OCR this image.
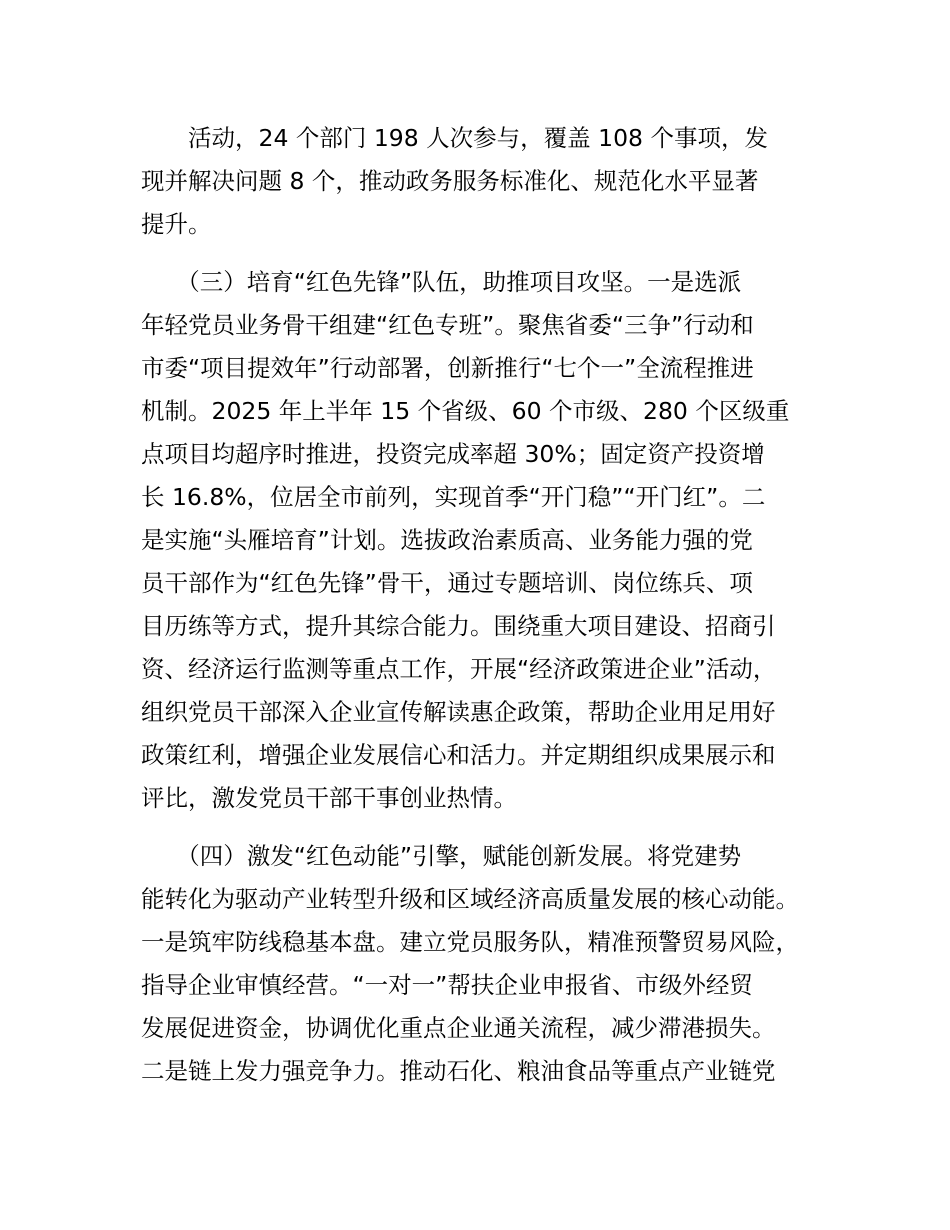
　　活动，24 个部门 198 人次参与，覆盖 108 个事项，发

现并解决问题 8 个，推动政务服务标准化、规范化水平显著

提升。

　　（三）培育“红色先锋”队伍，助推项目攻坚。一是选派

年轻党员业务骨干组建“红色专班”。聚焦省委“三争”行动和

市委“项目提效年”行动部署，创新推行“七个一”全流程推进

机制。2025 年上半年 15 个省级、60 个市级、280 个区级重

点项目均超序时推进，投资完成率超 30%；固定资产投资增

长 16.8%，位居全市前列，实现首季“开门稳”“开门红”。二

是实施“头雁培育”计划。选拔政治素质高、业务能力强的党

员干部作为“红色先锋”骨干，通过专题培训、岗位练兵、项

目历练等方式，提升其综合能力。围绕重大项目建设、招商引

资、经济运行监测等重点工作，开展“经济政策进企业”活动，

组织党员干部深入企业宣传解读惠企政策，帮助企业用足用好

政策红利，增强企业发展信心和活力。并定期组织成果展示和

评比，激发党员干部干事创业热情。

　　（四）激发“红色动能”引擎，赋能创新发展。将党建势

能转化为驱动产业转型升级和区域经济高质量发展的核心动能。

一是筑牢防线稳基本盘。建立党员服务队，精准预警贸易风险，

指导企业审慎经营。“一对一”帮扶企业申报省、市级外经贸

发展促进资金，协调优化重点企业通关流程，减少滞港损失。

二是链上发力强竞争力。推动石化、粮油食品等重点产业链党
